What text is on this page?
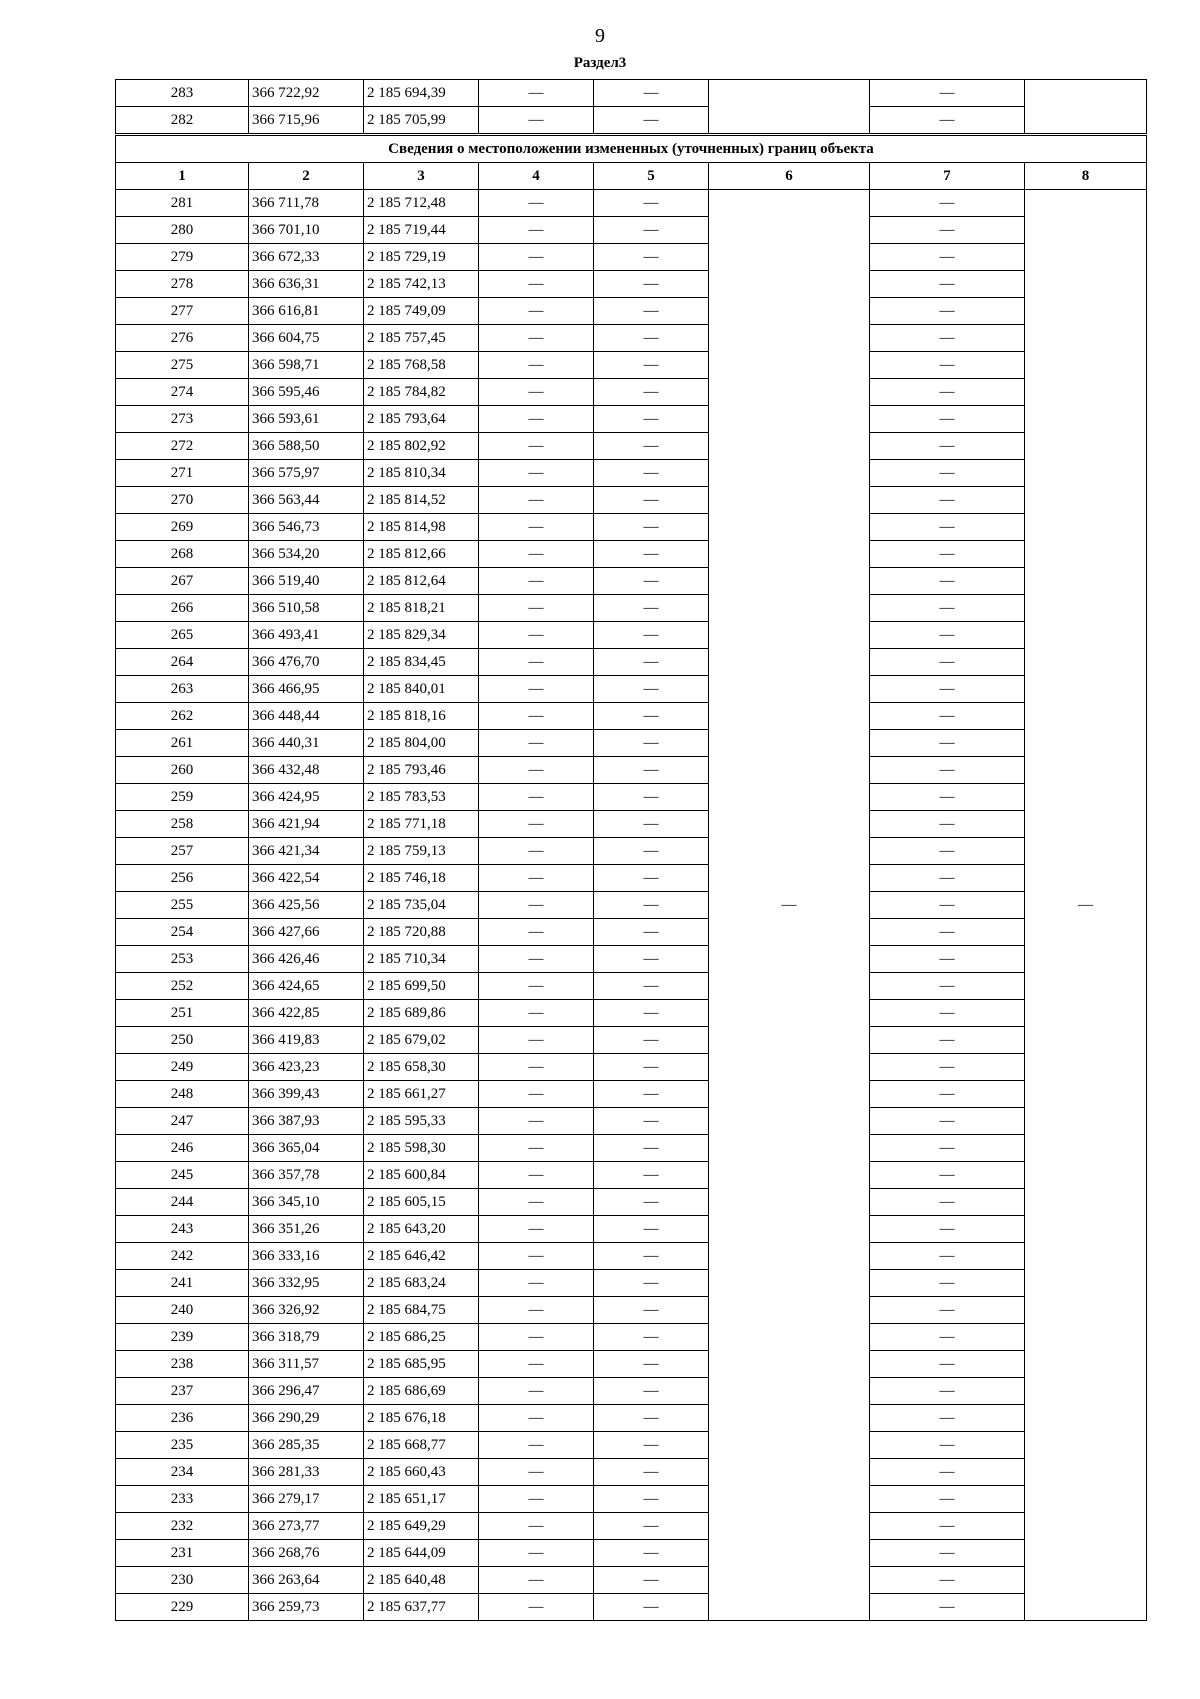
9
Раздел3
283	366 722,92	2 185 694,39	—	—		—	
282	366 715,96	2 185 705,99	—	—		—	
Сведения о местоположении измененных (уточненных) границ объекта							
1	2	3	4	5	6	7	8
281	366 711,78	2 185 712,48	—	—	—	—	—
280	366 701,10	2 185 719,44	—	—		—	
279	366 672,33	2 185 729,19	—	—		—	
278	366 636,31	2 185 742,13	—	—		—	
277	366 616,81	2 185 749,09	—	—		—	
276	366 604,75	2 185 757,45	—	—		—	
275	366 598,71	2 185 768,58	—	—		—	
274	366 595,46	2 185 784,82	—	—		—	
273	366 593,61	2 185 793,64	—	—		—	
272	366 588,50	2 185 802,92	—	—		—	
271	366 575,97	2 185 810,34	—	—		—	
270	366 563,44	2 185 814,52	—	—		—	
269	366 546,73	2 185 814,98	—	—		—	
268	366 534,20	2 185 812,66	—	—		—	
267	366 519,40	2 185 812,64	—	—		—	
266	366 510,58	2 185 818,21	—	—		—	
265	366 493,41	2 185 829,34	—	—		—	
264	366 476,70	2 185 834,45	—	—		—	
263	366 466,95	2 185 840,01	—	—		—	
262	366 448,44	2 185 818,16	—	—		—	
261	366 440,31	2 185 804,00	—	—		—	
260	366 432,48	2 185 793,46	—	—		—	
259	366 424,95	2 185 783,53	—	—		—	
258	366 421,94	2 185 771,18	—	—		—	
257	366 421,34	2 185 759,13	—	—		—	
256	366 422,54	2 185 746,18	—	—		—	
255	366 425,56	2 185 735,04	—	—		—	
254	366 427,66	2 185 720,88	—	—		—	
253	366 426,46	2 185 710,34	—	—		—	
252	366 424,65	2 185 699,50	—	—		—	
251	366 422,85	2 185 689,86	—	—		—	
250	366 419,83	2 185 679,02	—	—		—	
249	366 423,23	2 185 658,30	—	—		—	
248	366 399,43	2 185 661,27	—	—		—	
247	366 387,93	2 185 595,33	—	—		—	
246	366 365,04	2 185 598,30	—	—		—	
245	366 357,78	2 185 600,84	—	—		—	
244	366 345,10	2 185 605,15	—	—		—	
243	366 351,26	2 185 643,20	—	—		—	
242	366 333,16	2 185 646,42	—	—		—	
241	366 332,95	2 185 683,24	—	—		—	
240	366 326,92	2 185 684,75	—	—		—	
239	366 318,79	2 185 686,25	—	—		—	
238	366 311,57	2 185 685,95	—	—		—	
237	366 296,47	2 185 686,69	—	—		—	
236	366 290,29	2 185 676,18	—	—		—	
235	366 285,35	2 185 668,77	—	—		—	
234	366 281,33	2 185 660,43	—	—		—	
233	366 279,17	2 185 651,17	—	—		—	
232	366 273,77	2 185 649,29	—	—		—	
231	366 268,76	2 185 644,09	—	—		—	
230	366 263,64	2 185 640,48	—	—		—	
229	366 259,73	2 185 637,77	—	—		—	
